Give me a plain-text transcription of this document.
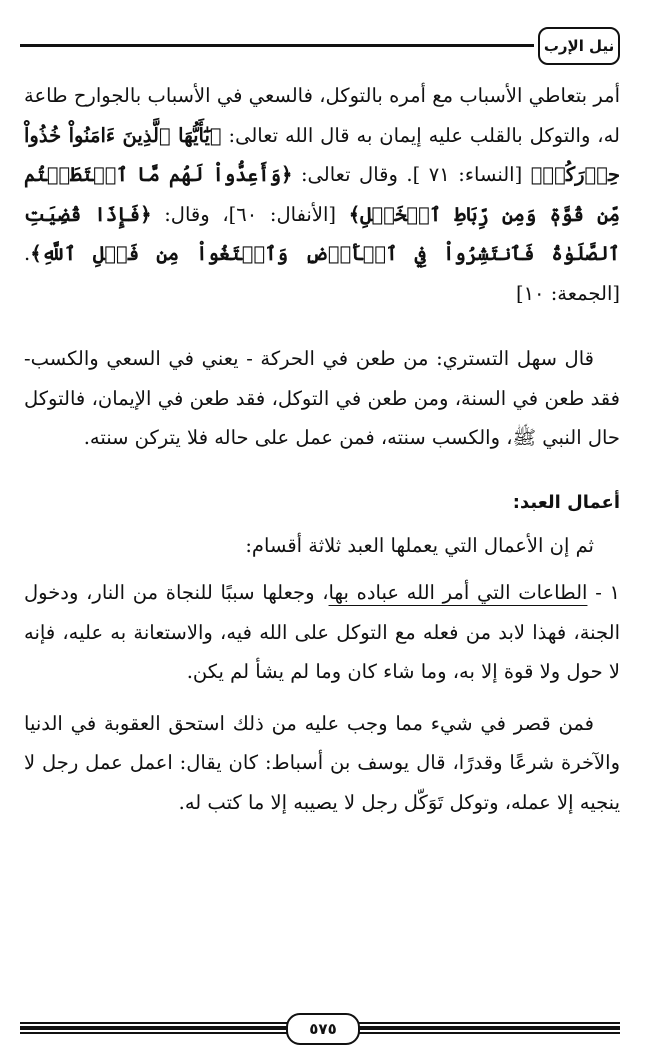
نيل الإرب

أمر بتعاطي الأسباب مع أمره بالتوكل، فالسعي في الأسباب بالجوارح طاعة له، والتوكل بالقلب عليه إيمان به قال الله تعالى: ﴿يَٰٓأَيُّهَا ٱلَّذِينَ ءَامَنُواْ خُذُواْ حِذۡرَكُمۡ﴾ [النساء: ٧١ ]. وقال تعالى: ﴿وَأَعِدُّواْ لَهُم مَّا ٱسۡتَطَعۡتُم مِّن قُوَّةٖ وَمِن رِّبَاطِ ٱلۡخَيۡلِ﴾ [الأنفال: ٦٠]، وقال: ﴿فَإِذَا قُضِيَتِ ٱلصَّلَوٰةُ فَٱنتَشِرُواْ فِي ٱلۡأَرۡضِ وَٱبۡتَغُواْ مِن فَضۡلِ ٱللَّهِ﴾. [الجمعة: ١٠]

قال سهل التستري: من طعن في الحركة - يعني في السعي والكسب- فقد طعن في السنة، ومن طعن في التوكل، فقد طعن في الإيمان، فالتوكل حال النبي ﷺ، والكسب سنته، فمن عمل على حاله فلا يتركن سنته.

أعمال العبد:

ثم إن الأعمال التي يعملها العبد ثلاثة أقسام:

١ - الطاعات التي أمر الله عباده بها، وجعلها سببًا للنجاة من النار، ودخول الجنة، فهذا لابد من فعله مع التوكل على الله فيه، والاستعانة به عليه، فإنه لا حول ولا قوة إلا به، وما شاء كان وما لم يشأ لم يكن.

فمن قصر في شيء مما وجب عليه من ذلك استحق العقوبة في الدنيا والآخرة شرعًا وقدرًا، قال يوسف بن أسباط: كان يقال: اعمل عمل رجل لا ينجيه إلا عمله، وتوكل تَوَكّل رجل لا يصيبه إلا ما كتب له.

٥٧٥
